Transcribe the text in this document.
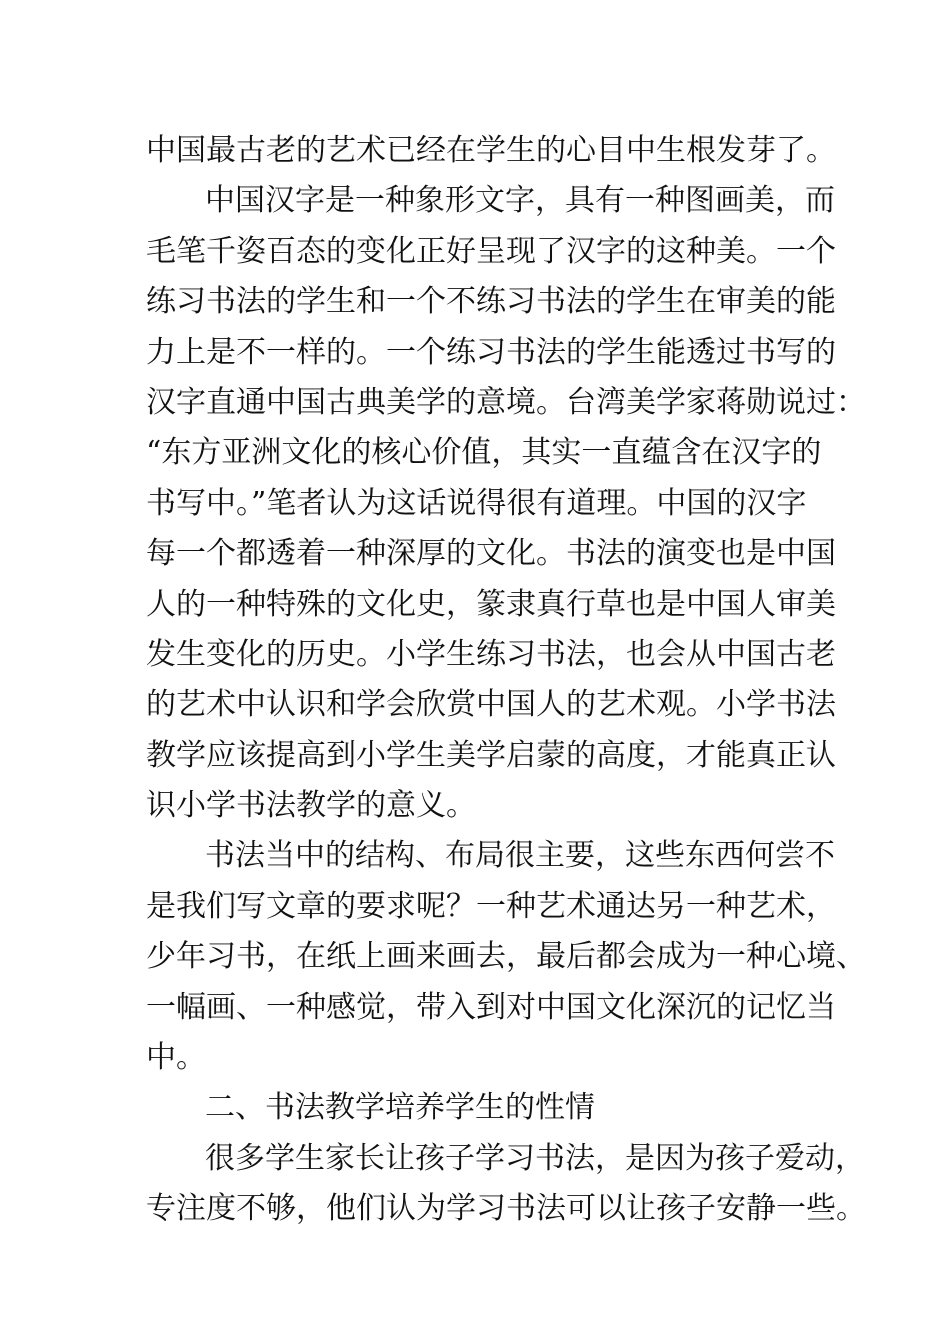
中国最古老的艺术已经在学生的心目中生根发芽了。
中国汉字是一种象形文字，具有一种图画美，而
毛笔千姿百态的变化正好呈现了汉字的这种美。一个
练习书法的学生和一个不练习书法的学生在审美的能
力上是不一样的。一个练习书法的学生能透过书写的
汉字直通中国古典美学的意境。台湾美学家蒋勋说过：
“东方亚洲文化的核心价值，其实一直蕴含在汉字的
书写中。”笔者认为这话说得很有道理。中国的汉字
每一个都透着一种深厚的文化。书法的演变也是中国
人的一种特殊的文化史，篆隶真行草也是中国人审美
发生变化的历史。小学生练习书法，也会从中国古老
的艺术中认识和学会欣赏中国人的艺术观。小学书法
教学应该提高到小学生美学启蒙的高度，才能真正认
识小学书法教学的意义。
书法当中的结构、布局很主要，这些东西何尝不
是我们写文章的要求呢？一种艺术通达另一种艺术，
少年习书，在纸上画来画去，最后都会成为一种心境、
一幅画、一种感觉，带入到对中国文化深沉的记忆当
中。
二、书法教学培养学生的性情
很多学生家长让孩子学习书法，是因为孩子爱动，
专注度不够，他们认为学习书法可以让孩子安静一些。
